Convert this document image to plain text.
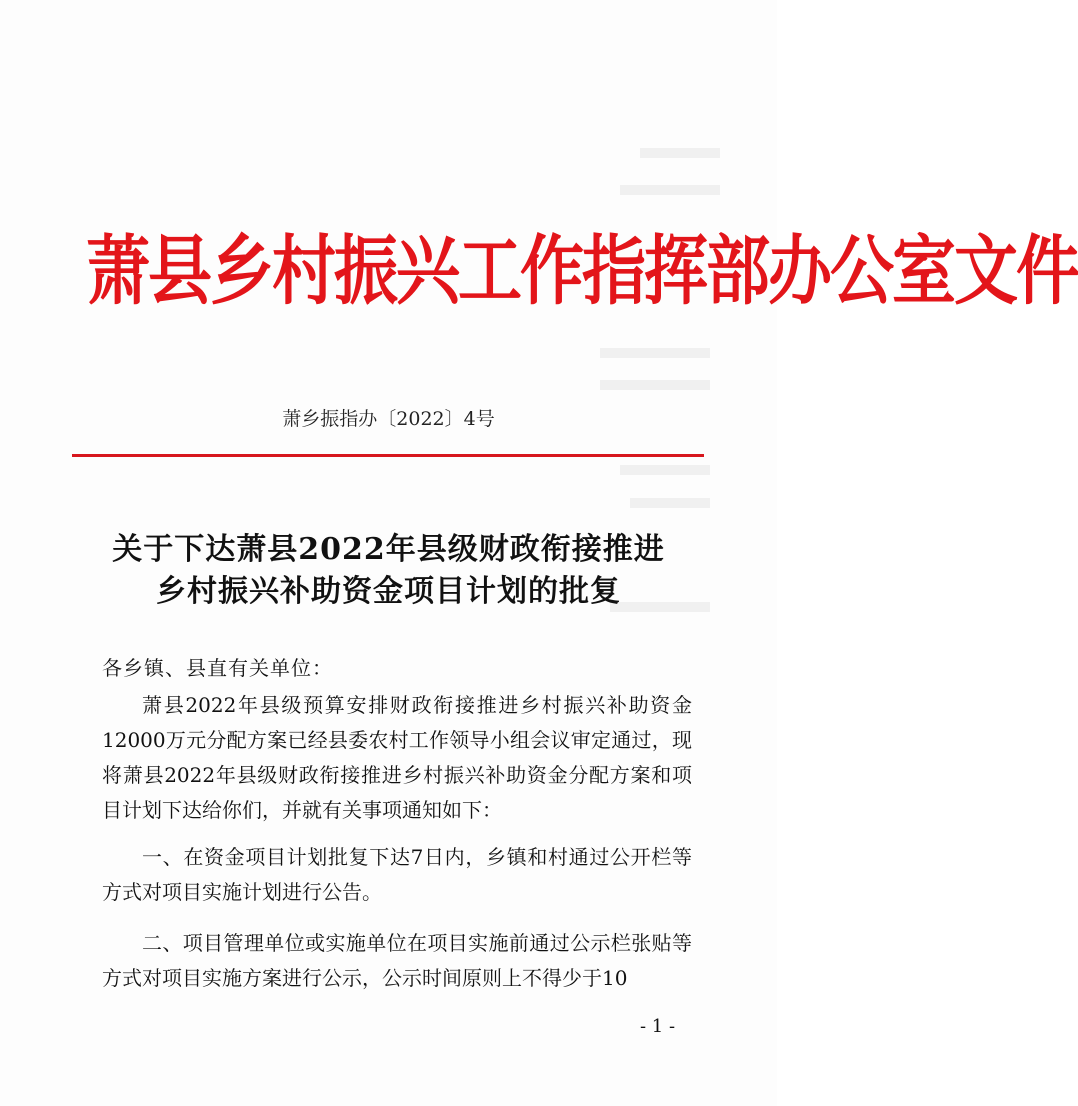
萧县乡村振兴工作指挥部办公室文件
萧乡振指办〔2022〕4号
关于下达萧县2022年县级财政衔接推进
乡村振兴补助资金项目计划的批复
各乡镇、县直有关单位：
萧县2022年县级预算安排财政衔接推进乡村振兴补助资金12000万元分配方案已经县委农村工作领导小组会议审定通过，现将萧县2022年县级财政衔接推进乡村振兴补助资金分配方案和项目计划下达给你们，并就有关事项通知如下：
一、在资金项目计划批复下达7日内，乡镇和村通过公开栏等方式对项目实施计划进行公告。
二、项目管理单位或实施单位在项目实施前通过公示栏张贴等方式对项目实施方案进行公示，公示时间原则上不得少于10
- 1 -
